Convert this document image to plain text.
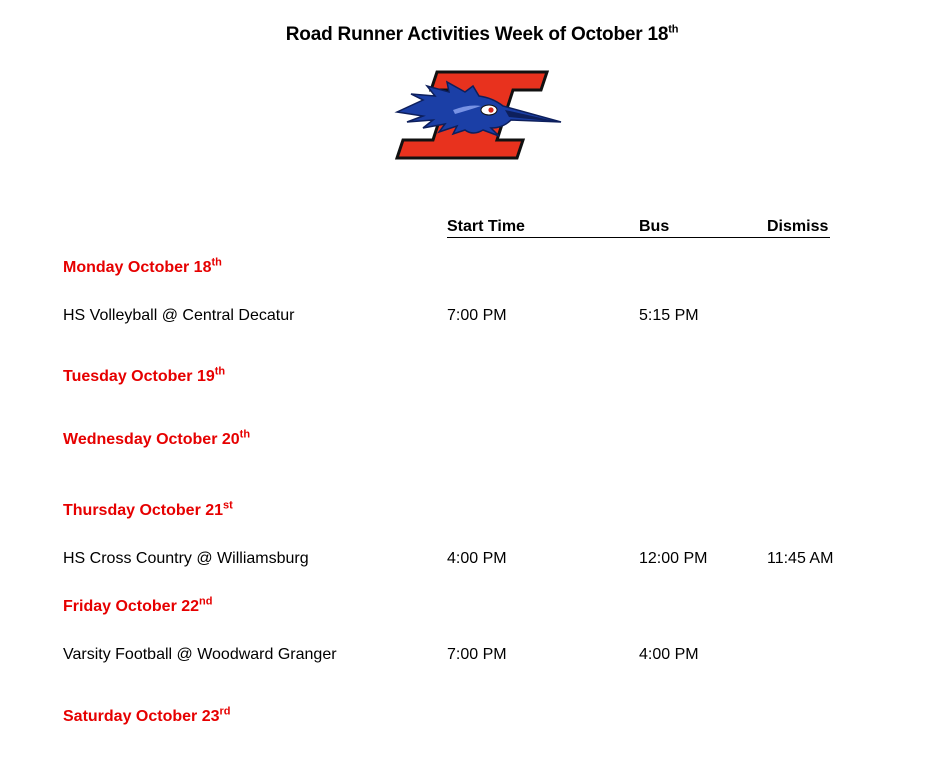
Road Runner Activities Week of October 18th
Start Time	Bus	Dismiss
Monday October 18th
HS Volleyball @ Central Decatur	7:00 PM	5:15 PM
Tuesday October 19th
Wednesday October 20th
Thursday October 21st
HS Cross Country @ Williamsburg	4:00 PM	12:00 PM	11:45 AM
Friday October 22nd
Varsity Football @ Woodward Granger	7:00 PM	4:00 PM
Saturday October 23rd
